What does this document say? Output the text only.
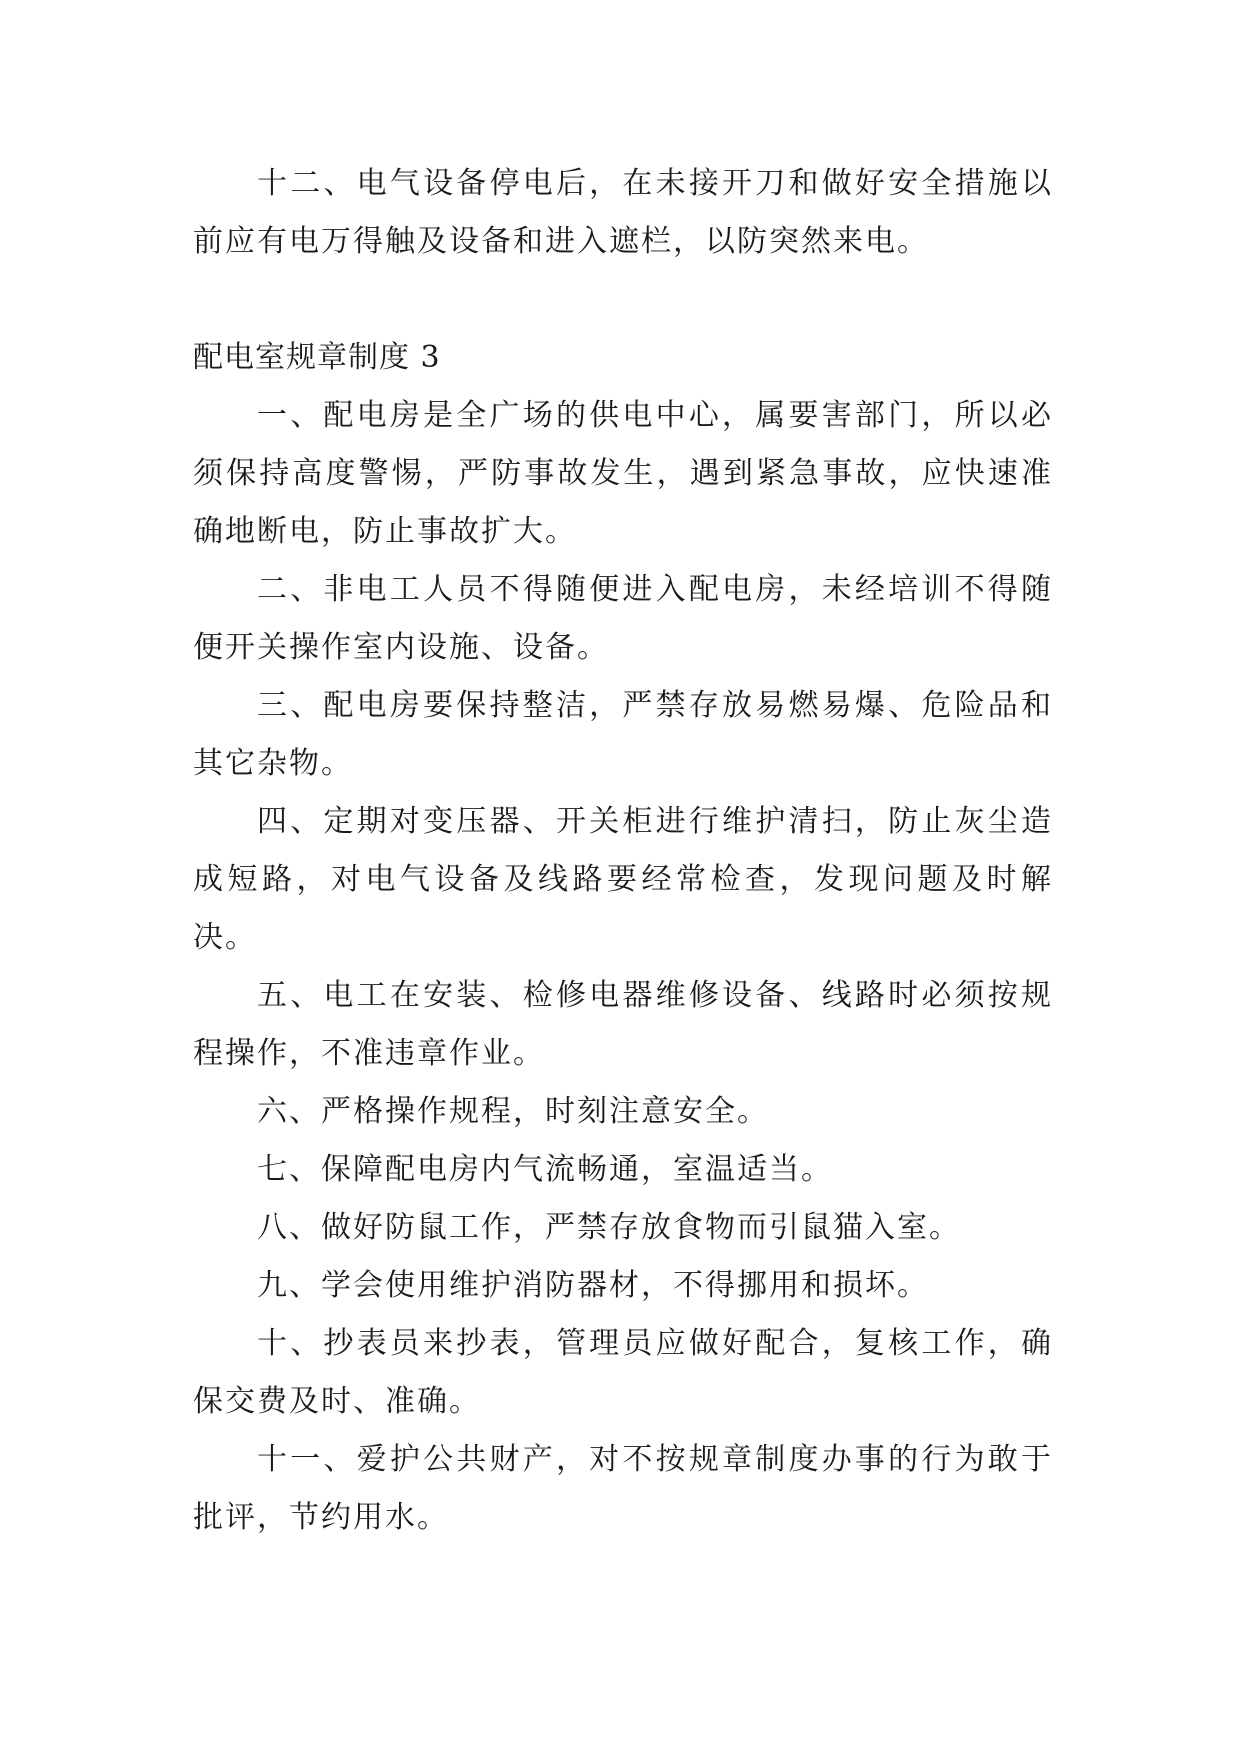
十二、电气设备停电后，在未接开刀和做好安全措施以前应有电万得触及设备和进入遮栏，以防突然来电。

配电室规章制度 3

一、配电房是全广场的供电中心，属要害部门，所以必须保持高度警惕，严防事故发生，遇到紧急事故，应快速准确地断电，防止事故扩大。

二、非电工人员不得随便进入配电房，未经培训不得随便开关操作室内设施、设备。

三、配电房要保持整洁，严禁存放易燃易爆、危险品和其它杂物。

四、定期对变压器、开关柜进行维护清扫，防止灰尘造成短路，对电气设备及线路要经常检查，发现问题及时解决。

五、电工在安装、检修电器维修设备、线路时必须按规程操作，不准违章作业。

六、严格操作规程，时刻注意安全。

七、保障配电房内气流畅通，室温适当。

八、做好防鼠工作，严禁存放食物而引鼠猫入室。

九、学会使用维护消防器材，不得挪用和损坏。

十、抄表员来抄表，管理员应做好配合，复核工作，确保交费及时、准确。

十一、爱护公共财产，对不按规章制度办事的行为敢于批评，节约用水。
